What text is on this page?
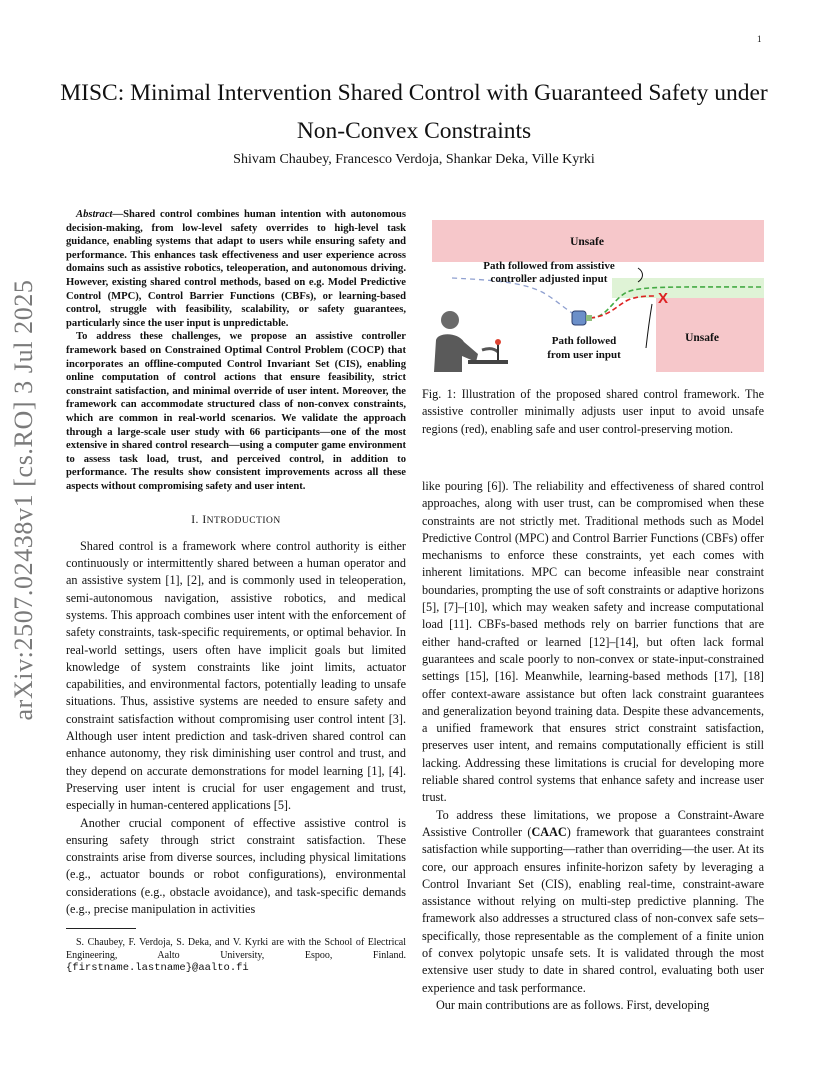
1
arXiv:2507.02438v1 [cs.RO] 3 Jul 2025
MISC: Minimal Intervention Shared Control with Guaranteed Safety under Non-Convex Constraints
Shivam Chaubey, Francesco Verdoja, Shankar Deka, Ville Kyrki

Abstract—Shared control combines human intention with autonomous decision-making, from low-level safety overrides to high-level task guidance, enabling systems that adapt to users while ensuring safety and performance. This enhances task effectiveness and user experience across domains such as assistive robotics, teleoperation, and autonomous driving. However, existing shared control methods, based on e.g. Model Predictive Control (MPC), Control Barrier Functions (CBFs), or learning-based control, struggle with feasibility, scalability, or safety guarantees, particularly since the user input is unpredictable.

To address these challenges, we propose an assistive controller framework based on Constrained Optimal Control Problem (COCP) that incorporates an offline-computed Control Invariant Set (CIS), enabling online computation of control actions that ensure feasibility, strict constraint satisfaction, and minimal override of user intent. Moreover, the framework can accommodate structured class of non-convex constraints, which are common in real-world scenarios. We validate the approach through a large-scale user study with 66 participants—one of the most extensive in shared control research—using a computer game environment to assess task load, trust, and perceived control, in addition to performance. The results show consistent improvements across all these aspects without compromising safety and user intent.

I. INTRODUCTION

Shared control is a framework where control authority is either continuously or intermittently shared between a human operator and an assistive system [1], [2], and is commonly used in teleoperation, semi-autonomous navigation, assistive robotics, and medical systems. This approach combines user intent with the enforcement of safety constraints, task-specific requirements, or optimal behavior. In real-world settings, users often have implicit goals but limited knowledge of system constraints like joint limits, actuator capabilities, and environmental factors, potentially leading to unsafe situations. Thus, assistive systems are needed to ensure safety and constraint satisfaction without compromising user control intent [3]. Although user intent prediction and task-driven shared control can enhance autonomy, they risk diminishing user control and trust, and they depend on accurate demonstrations for model learning [1], [4]. Preserving user intent is crucial for user engagement and trust, especially in human-centered applications [5].

Another crucial component of effective assistive control is ensuring safety through strict constraint satisfaction. These constraints arise from diverse sources, including physical limitations (e.g., actuator bounds or robot configurations), environmental considerations (e.g., obstacle avoidance), and task-specific demands (e.g., precise manipulation in activities

S. Chaubey, F. Verdoja, S. Deka, and V. Kyrki are with the School of Electrical Engineering, Aalto University, Espoo, Finland. {firstname.lastname}@aalto.fi
Unsafe
Unsafe
Path followed from assistive
controller adjusted input
Path followed
from user input
X
Fig. 1: Illustration of the proposed shared control framework. The assistive controller minimally adjusts user input to avoid unsafe regions (red), enabling safe and user control-preserving motion.

like pouring [6]). The reliability and effectiveness of shared control approaches, along with user trust, can be compromised when these constraints are not strictly met. Traditional methods such as Model Predictive Control (MPC) and Control Barrier Functions (CBFs) offer mechanisms to enforce these constraints, yet each comes with inherent limitations. MPC can become infeasible near constraint boundaries, prompting the use of soft constraints or adaptive horizons [5], [7]–[10], which may weaken safety and increase computational load [11]. CBFs-based methods rely on barrier functions that are either hand-crafted or learned [12]–[14], but often lack formal guarantees and scale poorly to non-convex or state-input-constrained settings [15], [16]. Meanwhile, learning-based methods [17], [18] offer context-aware assistance but often lack constraint guarantees and generalization beyond training data. Despite these advancements, a unified framework that ensures strict constraint satisfaction, preserves user intent, and remains computationally efficient is still lacking. Addressing these limitations is crucial for developing more reliable shared control systems that enhance safety and increase user trust.

To address these limitations, we propose a Constraint-Aware Assistive Controller (CAAC) framework that guarantees constraint satisfaction while supporting—rather than overriding—the user. At its core, our approach ensures infinite-horizon safety by leveraging a Control Invariant Set (CIS), enabling real-time, constraint-aware assistance without relying on multi-step predictive planning. The framework also addresses a structured class of non-convex safe sets–specifically, those representable as the complement of a finite union of convex polytopic unsafe sets. It is validated through the most extensive user study to date in shared control, evaluating both user experience and task performance.

Our main contributions are as follows. First, developing
